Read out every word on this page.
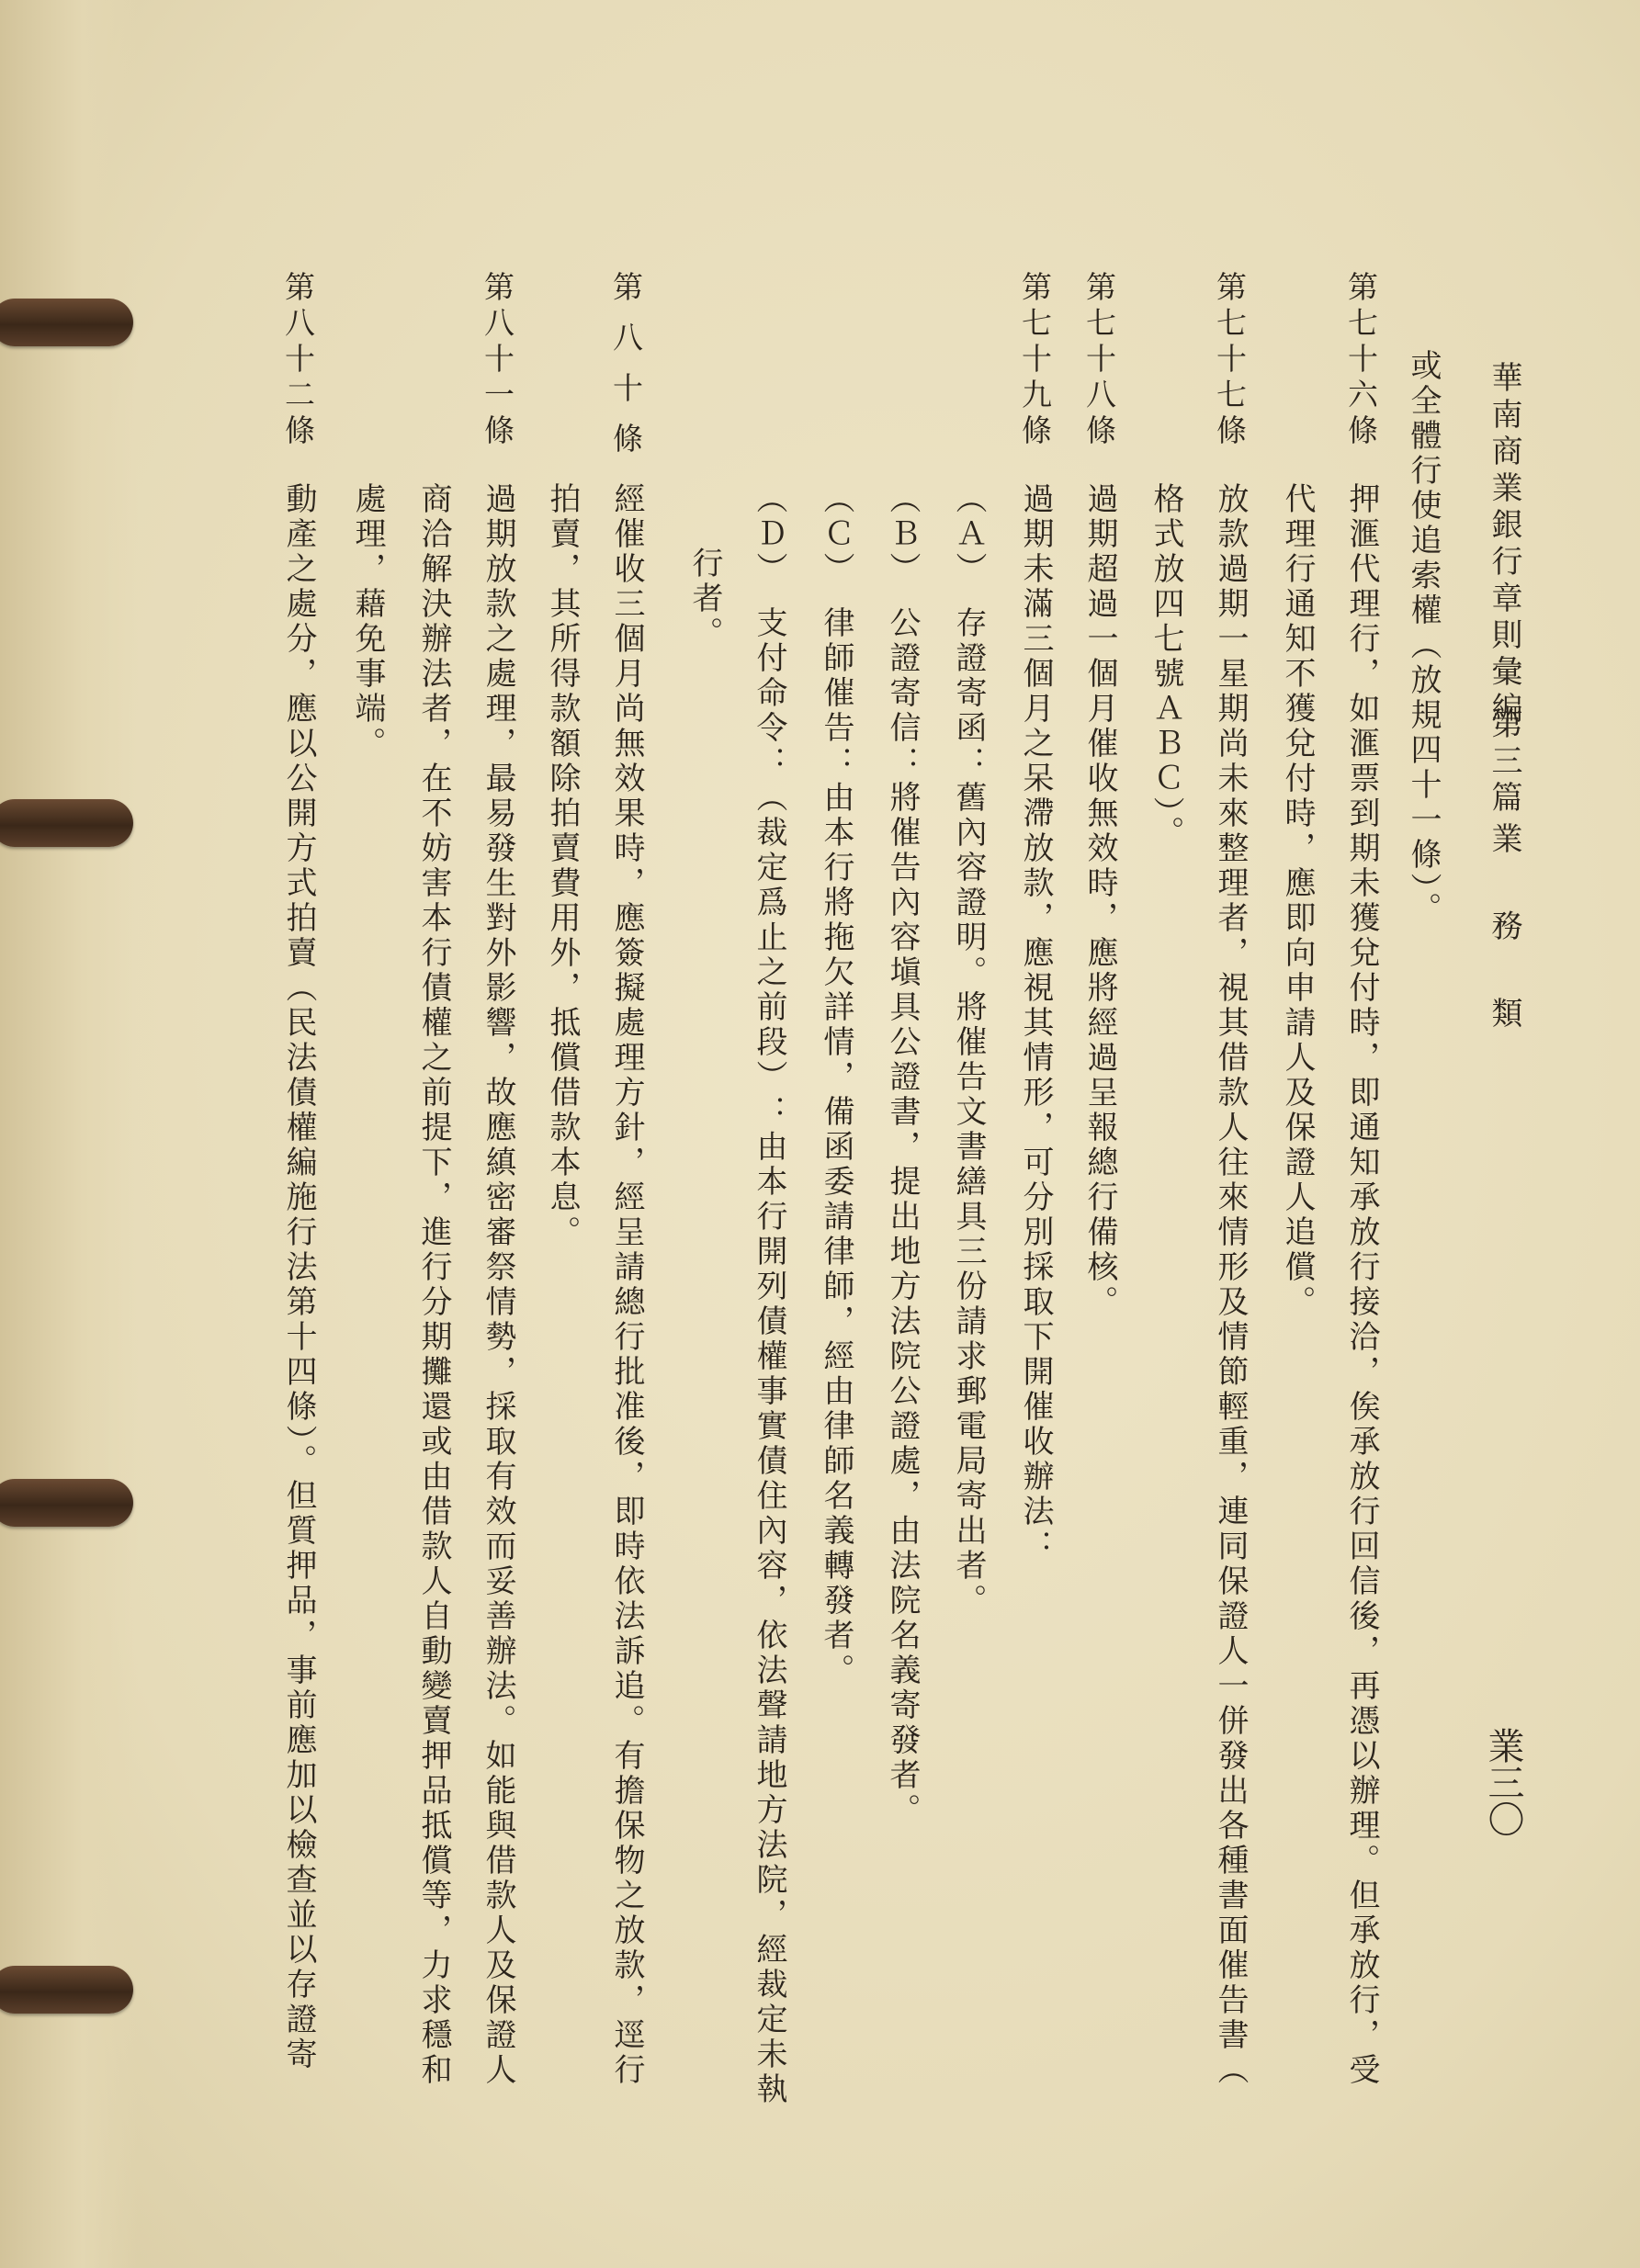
華南商業銀行章則彙編
第三篇
業
務
類
業三〇
或全體行使追索權（放規四十一條）。
第七十六條
押滙代理行，如滙票到期未獲兌付時，即通知承放行接洽，俟承放行回信後，再憑以辦理。但承放行，受
代理行通知不獲兌付時，應即向申請人及保證人追償。
第七十七條
放款過期一星期尚未來整理者，視其借款人往來情形及情節輕重，連同保證人一併發出各種書面催告書（
格式放四七號ＡＢＣ）。
第七十八條
過期超過一個月催收無效時，應將經過呈報總行備核。
第七十九條
過期未滿三個月之呆滯放款，應視其情形，可分別採取下開催收辦法：
（Ａ）　存證寄函：舊內容證明。將催告文書繕具三份請求郵電局寄出者。
（Ｂ）　公證寄信：將催告內容塡具公證書，提出地方法院公證處，由法院名義寄發者。
（Ｃ）　律師催告：由本行將拖欠詳情，備函委請律師，經由律師名義轉發者。
（Ｄ）　支付命令：（裁定爲止之前段）：由本行開列債權事實債住內容，依法聲請地方法院，經裁定未執
行者。
第八十條
經催收三個月尚無效果時，應簽擬處理方針，經呈請總行批准後，即時依法訴追。有擔保物之放款，逕行
拍賣，其所得款額除拍賣費用外，抵償借款本息。
第八十一條
過期放款之處理，最易發生對外影響，故應縝密審祭情勢，採取有效而妥善辦法。如能與借款人及保證人
商洽解決辦法者，在不妨害本行債權之前提下，進行分期攤還或由借款人自動變賣押品抵償等，力求穩和
處理，藉免事端。
第八十二條
動產之處分，應以公開方式拍賣（民法債權編施行法第十四條）。但質押品，事前應加以檢查並以存證寄
